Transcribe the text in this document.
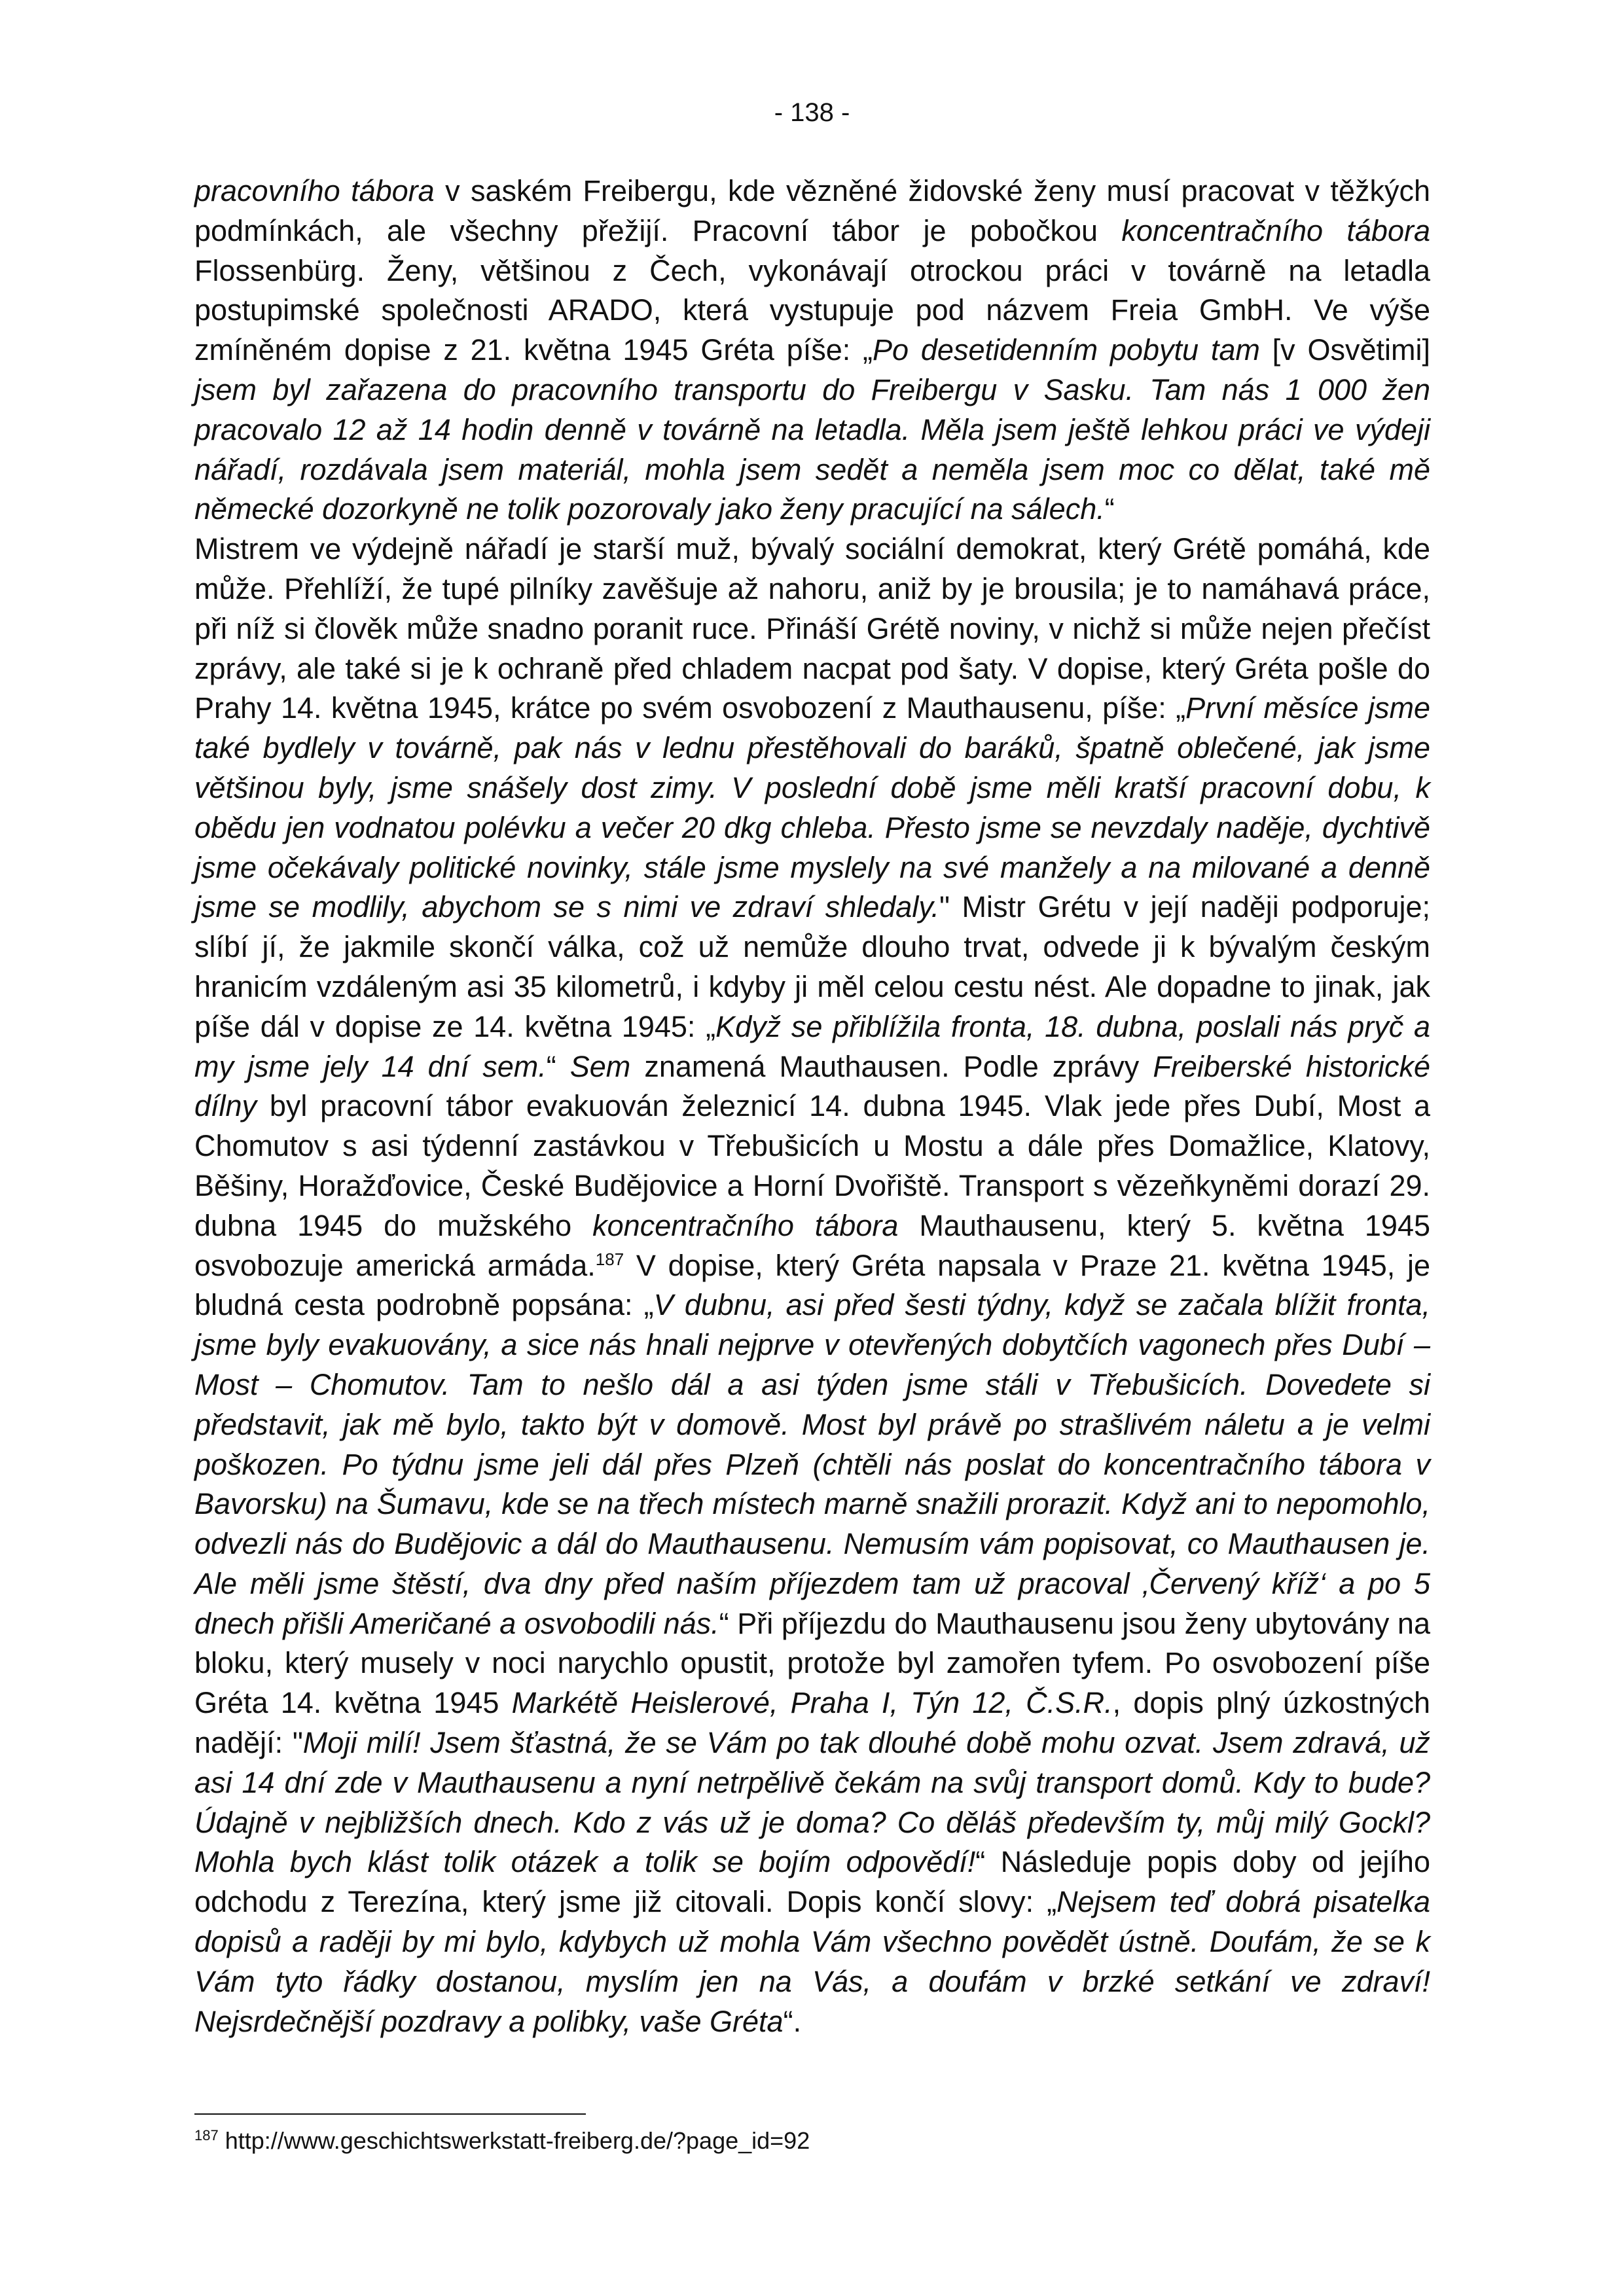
- 138 -

pracovního tábora v saském Freibergu, kde vězněné židovské ženy musí pracovat v těžkých podmínkách, ale všechny přežijí. Pracovní tábor je pobočkou koncentračního tábora Flossenbürg. Ženy, většinou z Čech, vykonávají otrockou práci v továrně na letadla postupimské společnosti ARADO, která vystupuje pod názvem Freia GmbH. Ve výše zmíněném dopise z 21. května 1945 Gréta píše: „Po desetidenním pobytu tam [v Osvětimi] jsem byl zařazena do pracovního transportu do Freibergu v Sasku. Tam nás 1 000 žen pracovalo 12 až 14 hodin denně v továrně na letadla. Měla jsem ještě lehkou práci ve výdeji nářadí, rozdávala jsem materiál, mohla jsem sedět a neměla jsem moc co dělat, také mě německé dozorkyně ne tolik pozorovaly jako ženy pracující na sálech.“

Mistrem ve výdejně nářadí je starší muž, bývalý sociální demokrat, který Grétě pomáhá, kde může. Přehlíží, že tupé pilníky zavěšuje až nahoru, aniž by je brousila; je to namáhavá práce, při níž si člověk může snadno poranit ruce. Přináší Grétě noviny, v nichž si může nejen přečíst zprávy, ale také si je k ochraně před chladem nacpat pod šaty. V dopise, který Gréta pošle do Prahy 14. května 1945, krátce po svém osvobození z Mauthausenu, píše: „První měsíce jsme také bydlely v továrně, pak nás v lednu přestěhovali do baráků, špatně oblečené, jak jsme většinou byly, jsme snášely dost zimy. V poslední době jsme měli kratší pracovní dobu, k obědu jen vodnatou polévku a večer 20 dkg chleba. Přesto jsme se nevzdaly naděje, dychtivě jsme očekávaly politické novinky, stále jsme myslely na své manžely a na milované a denně jsme se modlily, abychom se s nimi ve zdraví shledaly." Mistr Grétu v její naději podporuje; slíbí jí, že jakmile skončí válka, což už nemůže dlouho trvat, odvede ji k bývalým českým hranicím vzdáleným asi 35 kilometrů, i kdyby ji měl celou cestu nést. Ale dopadne to jinak, jak píše dál v dopise ze 14. května 1945: „Když se přiblížila fronta, 18. dubna, poslali nás pryč a my jsme jely 14 dní sem.“ Sem znamená Mauthausen. Podle zprávy Freiberské historické dílny byl pracovní tábor evakuován železnicí 14. dubna 1945. Vlak jede přes Dubí, Most a Chomutov s asi týdenní zastávkou v Třebušicích u Mostu a dále přes Domažlice, Klatovy, Běšiny, Horažďovice, České Budějovice a Horní Dvořiště. Transport s vězeňkyněmi dorazí 29. dubna 1945 do mužského koncentračního tábora Mauthausenu, který 5. května 1945 osvobozuje americká armáda.$^{187}$ V dopise, který Gréta napsala v Praze 21. května 1945, je bludná cesta podrobně popsána: „V dubnu, asi před šesti týdny, když se začala blížit fronta, jsme byly evakuovány, a sice nás hnali nejprve v otevřených dobytčích vagonech přes Dubí – Most – Chomutov. Tam to nešlo dál a asi týden jsme stáli v Třebušicích. Dovedete si představit, jak mě bylo, takto být v domově. Most byl právě po strašlivém náletu a je velmi poškozen. Po týdnu jsme jeli dál přes Plzeň (chtěli nás poslat do koncentračního tábora v Bavorsku) na Šumavu, kde se na třech místech marně snažili prorazit. Když ani to nepomohlo, odvezli nás do Budějovic a dál do Mauthausenu. Nemusím vám popisovat, co Mauthausen je. Ale měli jsme štěstí, dva dny před naším příjezdem tam už pracoval ‚Červený kříž‘ a po 5 dnech přišli Američané a osvobodili nás.“ Při příjezdu do Mauthausenu jsou ženy ubytovány na bloku, který musely v noci narychlo opustit, protože byl zamořen tyfem. Po osvobození píše Gréta 14. května 1945 Markétě Heislerové, Praha I, Týn 12, Č.S.R., dopis plný úzkostných nadějí: "Moji milí! Jsem šťastná, že se Vám po tak dlouhé době mohu ozvat. Jsem zdravá, už asi 14 dní zde v Mauthausenu a nyní netrpělivě čekám na svůj transport domů. Kdy to bude? Údajně v nejbližších dnech. Kdo z vás už je doma? Co děláš především ty, můj milý Gockl? Mohla bych klást tolik otázek a tolik se bojím odpovědí!“ Následuje popis doby od jejího odchodu z Terezína, který jsme již citovali. Dopis končí slovy: „Nejsem teď dobrá pisatelka dopisů a raději by mi bylo, kdybych už mohla Vám všechno povědět ústně. Doufám, že se k Vám tyto řádky dostanou, myslím jen na Vás, a doufám v brzké setkání ve zdraví! Nejsrdečnější pozdravy a polibky, vaše Gréta“.

$^{187}$ http://www.geschichtswerkstatt-freiberg.de/?page_id=92
